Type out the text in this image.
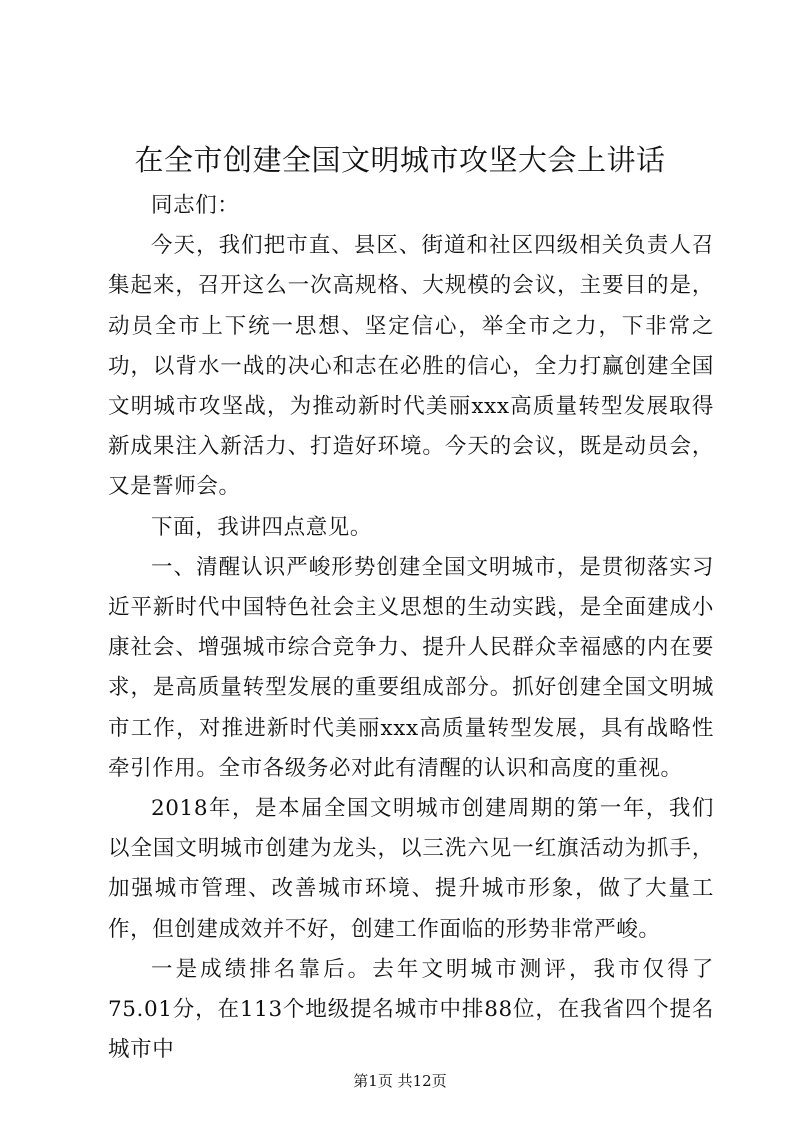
在全市创建全国文明城市攻坚大会上讲话

同志们：

今天，我们把市直、县区、街道和社区四级相关负责人召集起来，召开这么一次高规格、大规模的会议，主要目的是，动员全市上下统一思想、坚定信心，举全市之力，下非常之功，以背水一战的决心和志在必胜的信心，全力打赢创建全国文明城市攻坚战，为推动新时代美丽xxx高质量转型发展取得新成果注入新活力、打造好环境。今天的会议，既是动员会，又是誓师会。

下面，我讲四点意见。

一、清醒认识严峻形势创建全国文明城市，是贯彻落实习近平新时代中国特色社会主义思想的生动实践，是全面建成小康社会、增强城市综合竞争力、提升人民群众幸福感的内在要求，是高质量转型发展的重要组成部分。抓好创建全国文明城市工作，对推进新时代美丽xxx高质量转型发展，具有战略性牵引作用。全市各级务必对此有清醒的认识和高度的重视。

2018年，是本届全国文明城市创建周期的第一年，我们以全国文明城市创建为龙头，以三洗六见一红旗活动为抓手，加强城市管理、改善城市环境、提升城市形象，做了大量工作，但创建成效并不好，创建工作面临的形势非常严峻。

一是成绩排名靠后。去年文明城市测评，我市仅得了75.01分，在113个地级提名城市中排88位，在我省四个提名城市中

第1页 共12页
